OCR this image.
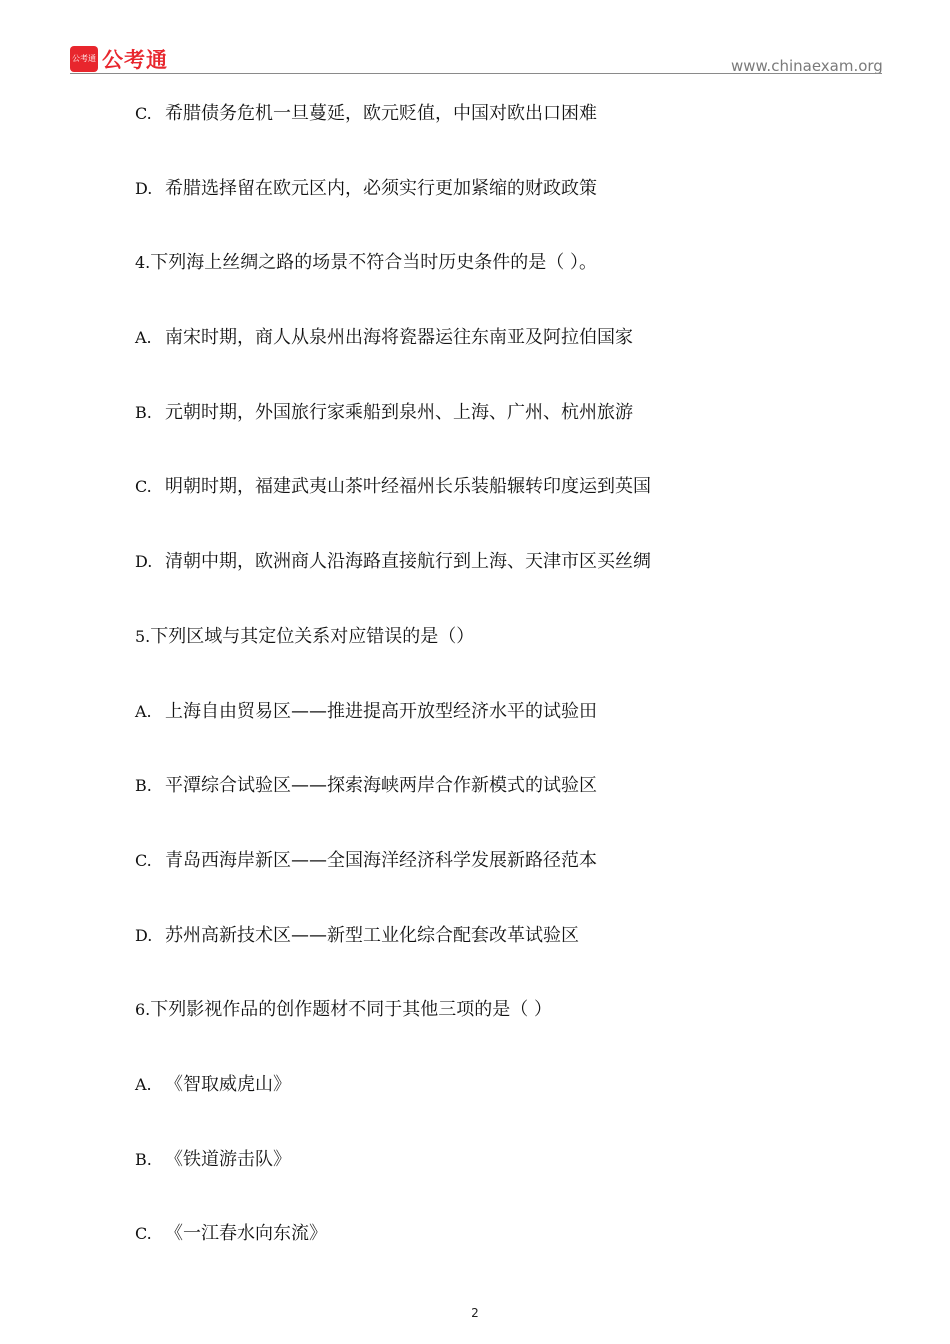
公考通 公考通	www.chinaexam.org
C. 希腊债务危机一旦蔓延，欧元贬值，中国对欧出口困难
D. 希腊选择留在欧元区内，必须实行更加紧缩的财政政策
4. 下列海上丝绸之路的场景不符合当时历史条件的是（ ）。
A. 南宋时期，商人从泉州出海将瓷器运往东南亚及阿拉伯国家
B. 元朝时期，外国旅行家乘船到泉州、上海、广州、杭州旅游
C. 明朝时期，福建武夷山茶叶经福州长乐装船辗转印度运到英国
D. 清朝中期，欧洲商人沿海路直接航行到上海、天津市区买丝绸
5. 下列区域与其定位关系对应错误的是（）
A. 上海自由贸易区——推进提高开放型经济水平的试验田
B. 平潭综合试验区——探索海峡两岸合作新模式的试验区
C. 青岛西海岸新区——全国海洋经济科学发展新路径范本
D. 苏州高新技术区——新型工业化综合配套改革试验区
6. 下列影视作品的创作题材不同于其他三项的是（ ）
A. 《智取威虎山》
B. 《铁道游击队》
C. 《一江春水向东流》
2
